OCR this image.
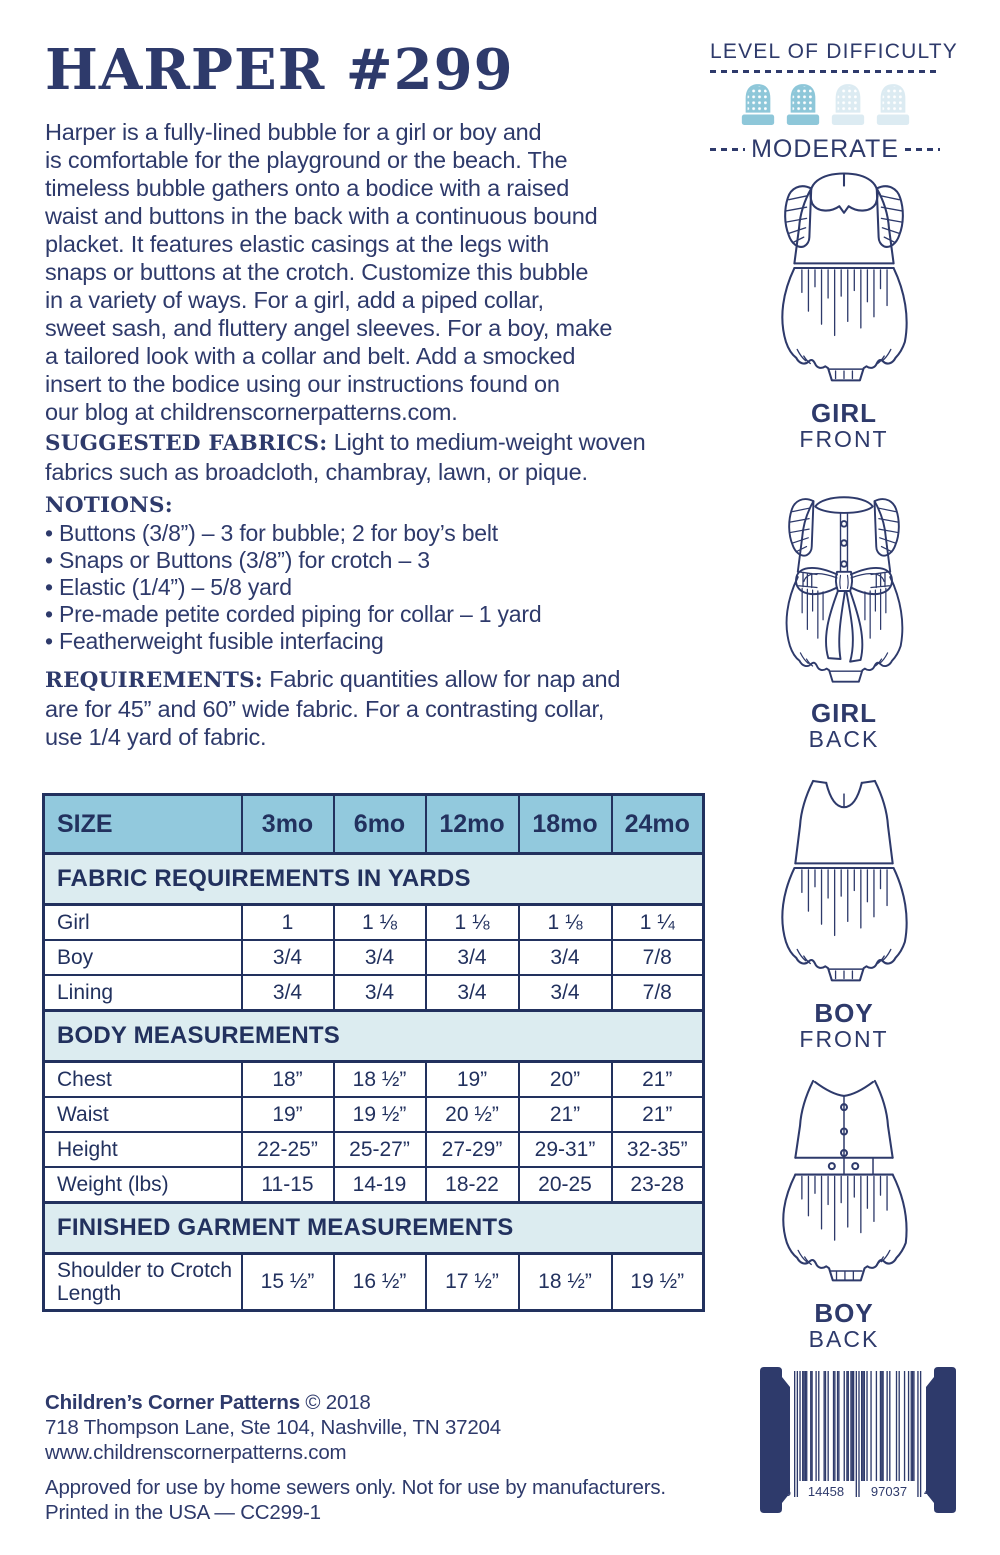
HARPER #299
Harper is a fully-lined bubble for a girl or boy and
is comfortable for the playground or the beach. The
timeless bubble gathers onto a bodice with a raised
waist and buttons in the back with a continuous bound
placket. It features elastic casings at the legs with
snaps or buttons at the crotch. Customize this bubble
in a variety of ways. For a girl, add a piped collar,
sweet sash, and fluttery angel sleeves. For a boy, make
a tailored look with a collar and belt. Add a smocked
insert to the bodice using our instructions found on
our blog at childrenscornerpatterns.com.
SUGGESTED FABRICS: Light to medium-weight woven
fabrics such as broadcloth, chambray, lawn, or pique.
NOTIONS:
• Buttons (3/8”) – 3 for bubble; 2 for boy’s belt
• Snaps or Buttons (3/8”) for crotch – 3
• Elastic (1/4”) – 5/8 yard
• Pre-made petite corded piping for collar – 1 yard
• Featherweight fusible interfacing
REQUIREMENTS: Fabric quantities allow for nap and
are for 45” and 60” wide fabric. For a contrasting collar,
use 1/4 yard of fabric.
SIZE	3mo	6mo	12mo	18mo	24mo
FABRIC REQUIREMENTS IN YARDS					
Girl	1	1 ⅛	1 ⅛	1 ⅛	1 ¼
Boy	3/4	3/4	3/4	3/4	7/8
Lining	3/4	3/4	3/4	3/4	7/8
BODY MEASUREMENTS					
Chest	18”	18 ½”	19”	20”	21”
Waist	19”	19 ½”	20 ½”	21”	21”
Height	22-25”	25-27”	27-29”	29-31”	32-35”
Weight (lbs)	11-15	14-19	18-22	20-25	23-28
FINISHED GARMENT MEASUREMENTS					
Shoulder to Crotch Length	15 ½”	16 ½”	17 ½”	18 ½”	19 ½”
Children’s Corner Patterns © 2018
718 Thompson Lane, Ste 104, Nashville, TN 37204
www.childrenscornerpatterns.com
Approved for use by home sewers only. Not for use by manufacturers.
Printed in the USA — CC299-1
LEVEL OF DIFFICULTY
MODERATE
GIRL
FRONT
GIRL
BACK
BOY
FRONT
BOY
BACK
6 14458 97037 4
